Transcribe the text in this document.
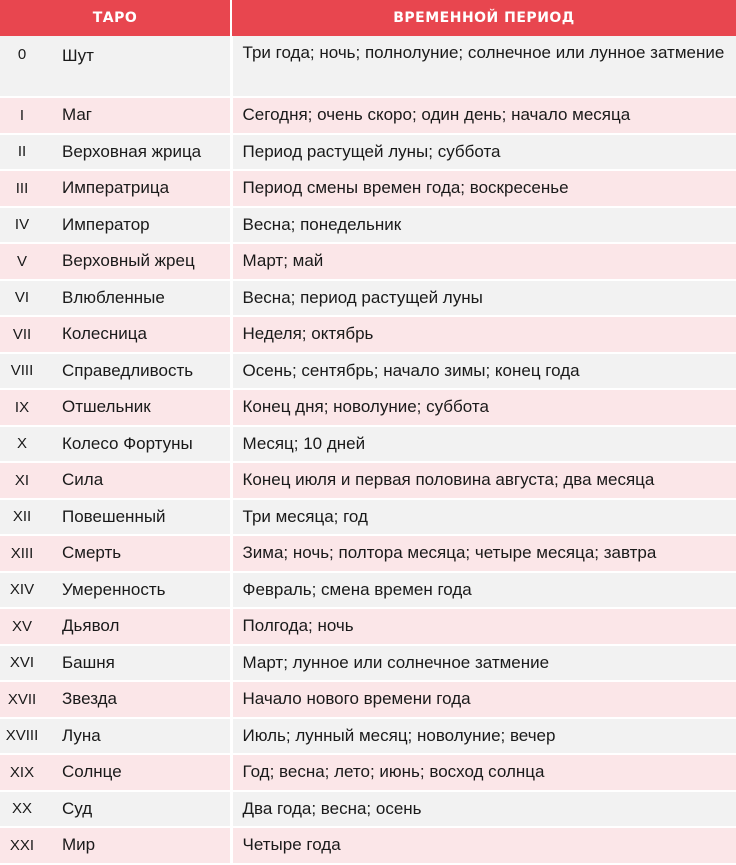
ТАРО		ВРЕМЕННОЙ ПЕРИОД
0	Шут	Три года; ночь; полнолуние; солнечное или лунное затмение
I	Маг	Сегодня; очень скоро; один день; начало месяца
II	Верховная жрица	Период растущей луны; суббота
III	Императрица	Период смены времен года; воскресенье
IV	Император	Весна; понедельник
V	Верховный жрец	Март; май
VI	Влюбленные	Весна; период растущей луны
VII	Колесница	Неделя; октябрь
VIII	Справедливость	Осень; сентябрь; начало зимы; конец года
IX	Отшельник	Конец дня; новолуние; суббота
X	Колесо Фортуны	Месяц; 10 дней
XI	Сила	Конец июля и первая половина августа; два месяца
XII	Повешенный	Три месяца; год
XIII	Смерть	Зима; ночь; полтора месяца; четыре месяца; завтра
XIV	Умеренность	Февраль; смена времен года
XV	Дьявол	Полгода; ночь
XVI	Башня	Март; лунное или солнечное затмение
XVII	Звезда	Начало нового времени года
XVIII	Луна	Июль; лунный месяц; новолуние; вечер
XIX	Солнце	Год; весна; лето; июнь; восход солнца
XX	Суд	Два года; весна; осень
XXI	Мир	Четыре года
